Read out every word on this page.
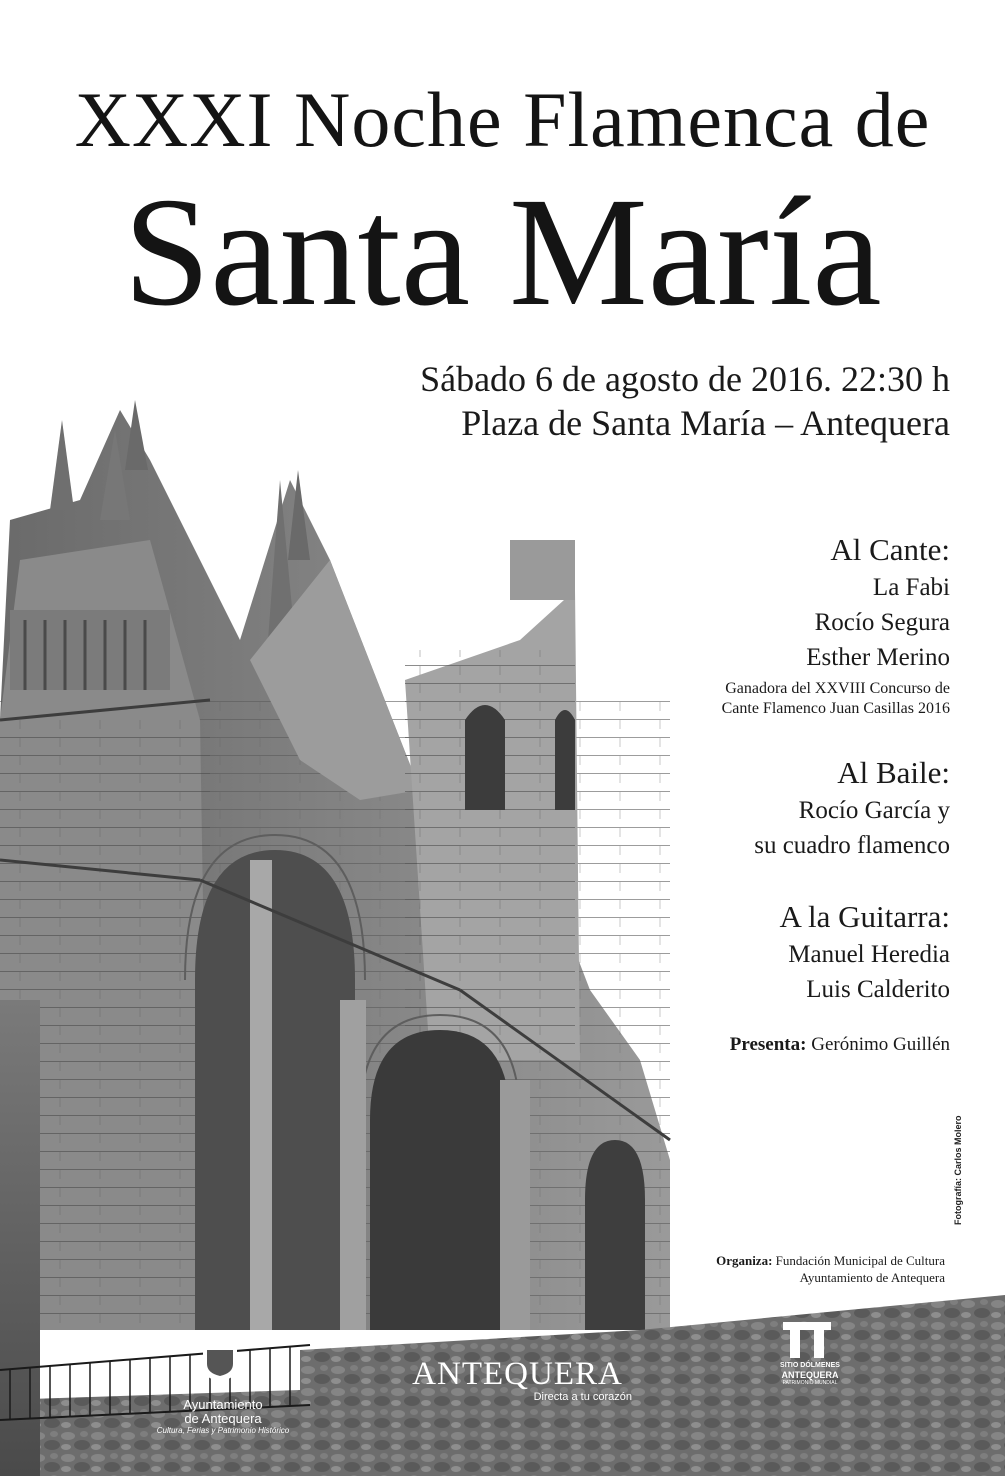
XXXI Noche Flamenca de
Santa María
Sábado 6 de agosto de 2016. 22:30 h
Plaza de Santa María – Antequera
Al Cante:
La Fabi
Rocío Segura
Esther Merino
Ganadora del XXVIII Concurso de
Cante Flamenco Juan Casillas 2016
Al Baile:
Rocío García y
su cuadro flamenco
A la Guitarra:
Manuel Heredia
Luis Calderito
Presenta: Gerónimo Guillén
Fotografía: Carlos Molero
Organiza: Fundación Municipal de Cultura
Ayuntamiento de Antequera
Ayuntamiento
de Antequera
Cultura, Ferias y Patrimonio Histórico
ANTEQUERA
Directa a tu corazón
SITIO DÓLMENES
ANTEQUERA
PATRIMONIO MUNDIAL
